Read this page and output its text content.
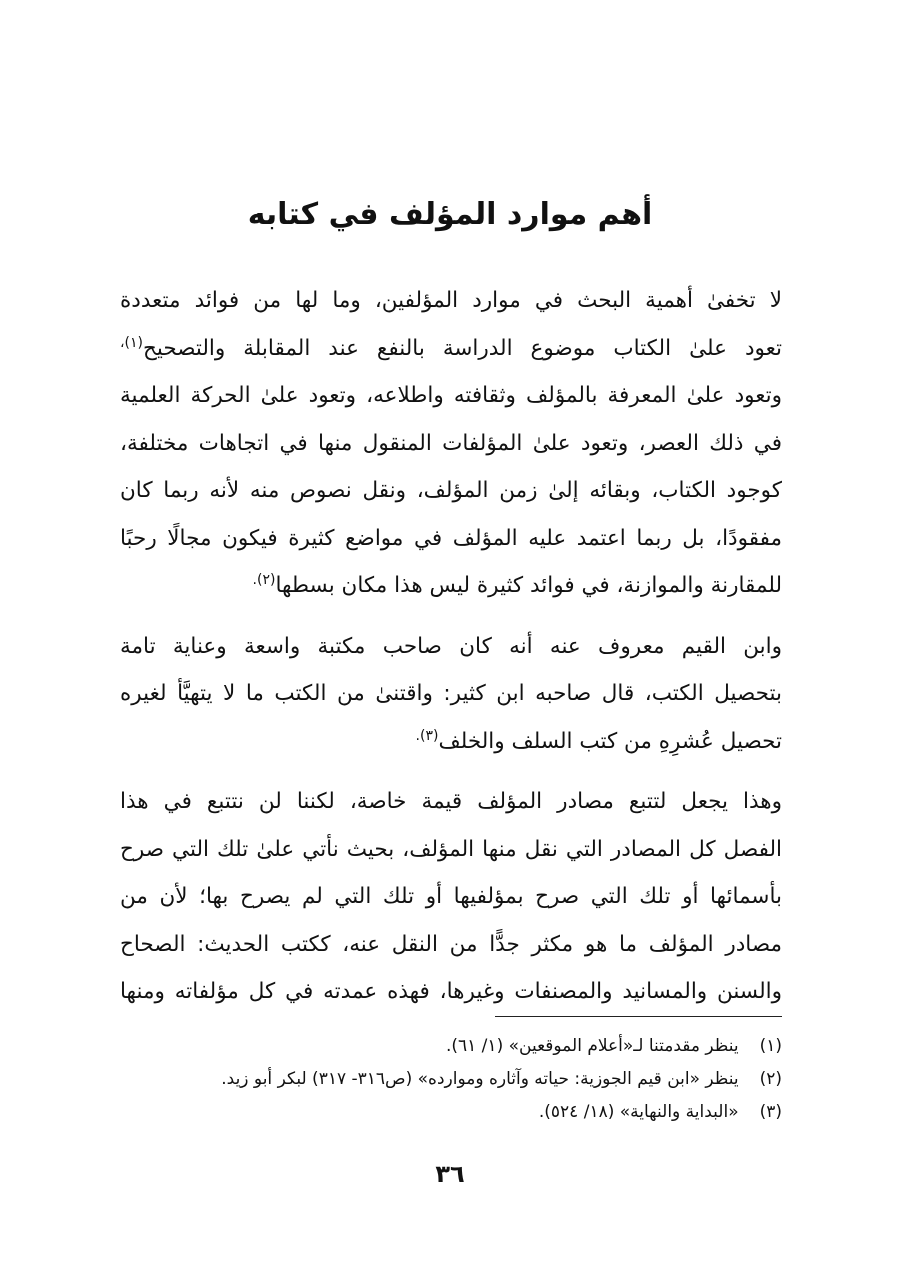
أهم موارد المؤلف في كتابه

لا تخفىٰ أهمية البحث في موارد المؤلفين، وما لها من فوائد متعددة
تعود علىٰ الكتاب موضوع الدراسة بالنفع عند المقابلة والتصحيح$^{(١)،}$
وتعود علىٰ المعرفة بالمؤلف وثقافته واطلاعه، وتعود علىٰ الحركة العلمية
في ذلك العصر، وتعود علىٰ المؤلفات المنقول منها في اتجاهات مختلفة،
كوجود الكتاب، وبقائه إلىٰ زمن المؤلف، ونقل نصوص منه لأنه ربما كان
مفقودًا، بل ربما اعتمد عليه المؤلف في مواضع كثيرة فيكون مجالًا رحبًا
للمقارنة والموازنة، في فوائد كثيرة ليس هذا مكان بسطها$^{(٢).}$

وابن القيم معروف عنه أنه كان صاحب مكتبة واسعة وعناية تامة
بتحصيل الكتب، قال صاحبه ابن كثير: واقتنىٰ من الكتب ما لا يتهيَّأ لغيره
تحصيل عُشرِهِ من كتب السلف والخلف$^{(٣).}$

وهذا يجعل لتتبع مصادر المؤلف قيمة خاصة، لكننا لن نتتبع في هذا
الفصل كل المصادر التي نقل منها المؤلف، بحيث نأتي علىٰ تلك التي صرح
بأسمائها أو تلك التي صرح بمؤلفيها أو تلك التي لم يصرح بها؛ لأن من
مصادر المؤلف ما هو مكثر جدًّا من النقل عنه، ككتب الحديث: الصحاح
والسنن والمسانيد والمصنفات وغيرها، فهذه عمدته في كل مؤلفاته ومنها

(١) ينظر مقدمتنا لـ«أعلام الموقعين» (١/ ٦١).
(٢) ينظر «ابن قيم الجوزية: حياته وآثاره وموارده» (ص٣١٦- ٣١٧) لبكر أبو زيد.
(٣) «البداية والنهاية» (١٨/ ٥٢٤).
٣٦
